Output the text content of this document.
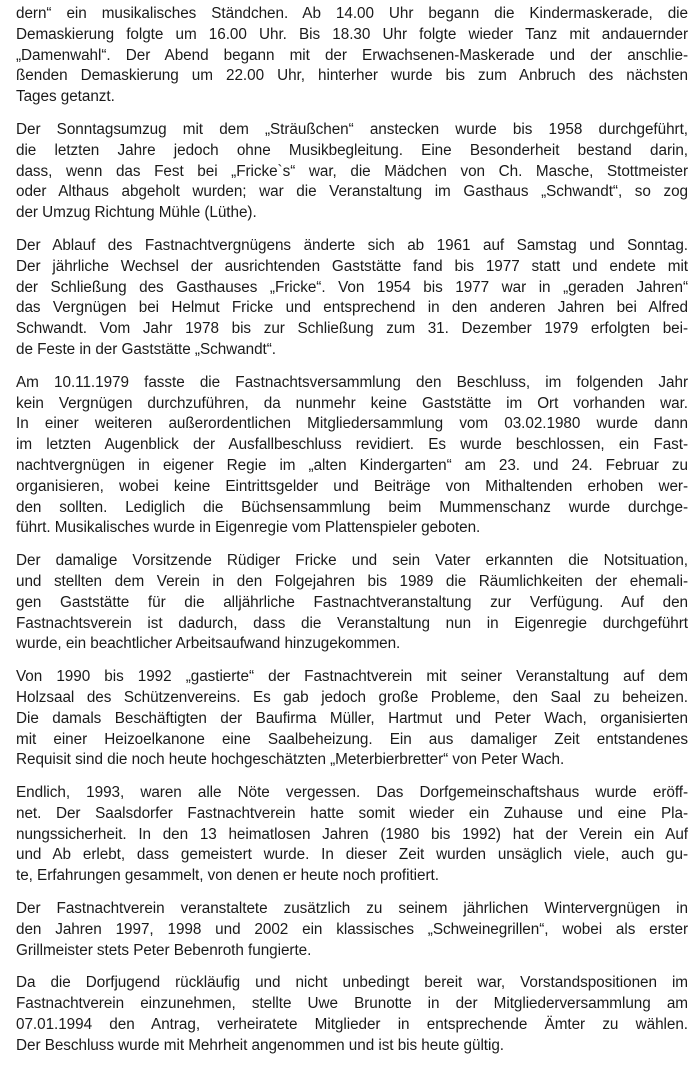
dern“ ein musikalisches Ständchen. Ab 14.00 Uhr begann die Kindermaskerade, die
Demaskierung folgte um 16.00 Uhr. Bis 18.30 Uhr folgte wieder Tanz mit andauernder
„Damenwahl“. Der Abend begann mit der Erwachsenen-Maskerade und der anschlie-
ßenden Demaskierung um 22.00 Uhr, hinterher wurde bis zum Anbruch des nächsten
Tages getanzt.
Der Sonntagsumzug mit dem „Sträußchen“ anstecken wurde bis 1958 durchgeführt,
die letzten Jahre jedoch ohne Musikbegleitung. Eine Besonderheit bestand darin,
dass, wenn das Fest bei „Fricke`s“ war, die Mädchen von Ch. Masche, Stottmeister
oder Althaus abgeholt wurden; war die Veranstaltung im Gasthaus „Schwandt“, so zog
der Umzug Richtung Mühle (Lüthe).
Der Ablauf des Fastnachtvergnügens änderte sich ab 1961 auf Samstag und Sonntag.
Der jährliche Wechsel der ausrichtenden Gaststätte fand bis 1977 statt und endete mit
der Schließung des Gasthauses „Fricke“. Von 1954 bis 1977 war in „geraden Jahren“
das Vergnügen bei Helmut Fricke und entsprechend in den anderen Jahren bei Alfred
Schwandt. Vom Jahr 1978 bis zur Schließung zum 31. Dezember 1979 erfolgten bei-
de Feste in der Gaststätte „Schwandt“.
Am 10.11.1979 fasste die Fastnachtsversammlung den Beschluss, im folgenden Jahr
kein Vergnügen durchzuführen, da nunmehr keine Gaststätte im Ort vorhanden war.
In einer weiteren außerordentlichen Mitgliedersammlung vom 03.02.1980 wurde dann
im letzten Augenblick der Ausfallbeschluss revidiert. Es wurde beschlossen, ein Fast-
nachtvergnügen in eigener Regie im „alten Kindergarten“ am 23. und 24. Februar zu
organisieren, wobei keine Eintrittsgelder und Beiträge von Mithaltenden erhoben wer-
den sollten. Lediglich die Büchsensammlung beim Mummenschanz wurde durchge-
führt. Musikalisches wurde in Eigenregie vom Plattenspieler geboten.
Der damalige Vorsitzende Rüdiger Fricke und sein Vater erkannten die Notsituation,
und stellten dem Verein in den Folgejahren bis 1989 die Räumlichkeiten der ehemali-
gen Gaststätte für die alljährliche Fastnachtveranstaltung zur Verfügung. Auf den
Fastnachtsverein ist dadurch, dass die Veranstaltung nun in Eigenregie durchgeführt
wurde, ein beachtlicher Arbeitsaufwand hinzugekommen.
Von 1990 bis 1992 „gastierte“ der Fastnachtverein mit seiner Veranstaltung auf dem
Holzsaal des Schützenvereins. Es gab jedoch große Probleme, den Saal zu beheizen.
Die damals Beschäftigten der Baufirma Müller, Hartmut und Peter Wach, organisierten
mit einer Heizoelkanone eine Saalbeheizung. Ein aus damaliger Zeit entstandenes
Requisit sind die noch heute hochgeschätzten „Meterbierbretter“ von Peter Wach.
Endlich, 1993, waren alle Nöte vergessen. Das Dorfgemeinschaftshaus wurde eröff-
net. Der Saalsdorfer Fastnachtverein hatte somit wieder ein Zuhause und eine Pla-
nungssicherheit. In den 13 heimatlosen Jahren (1980 bis 1992) hat der Verein ein Auf
und Ab erlebt, dass gemeistert wurde. In dieser Zeit wurden unsäglich viele, auch gu-
te, Erfahrungen gesammelt, von denen er heute noch profitiert.
Der Fastnachtverein veranstaltete zusätzlich zu seinem jährlichen Wintervergnügen in
den Jahren 1997, 1998 und 2002 ein klassisches „Schweinegrillen“, wobei als erster
Grillmeister stets Peter Bebenroth fungierte.
Da die Dorfjugend rückläufig und nicht unbedingt bereit war, Vorstandspositionen im
Fastnachtverein einzunehmen, stellte Uwe Brunotte in der Mitgliederversammlung am
07.01.1994 den Antrag, verheiratete Mitglieder in entsprechende Ämter zu wählen.
Der Beschluss wurde mit Mehrheit angenommen und ist bis heute gültig.
